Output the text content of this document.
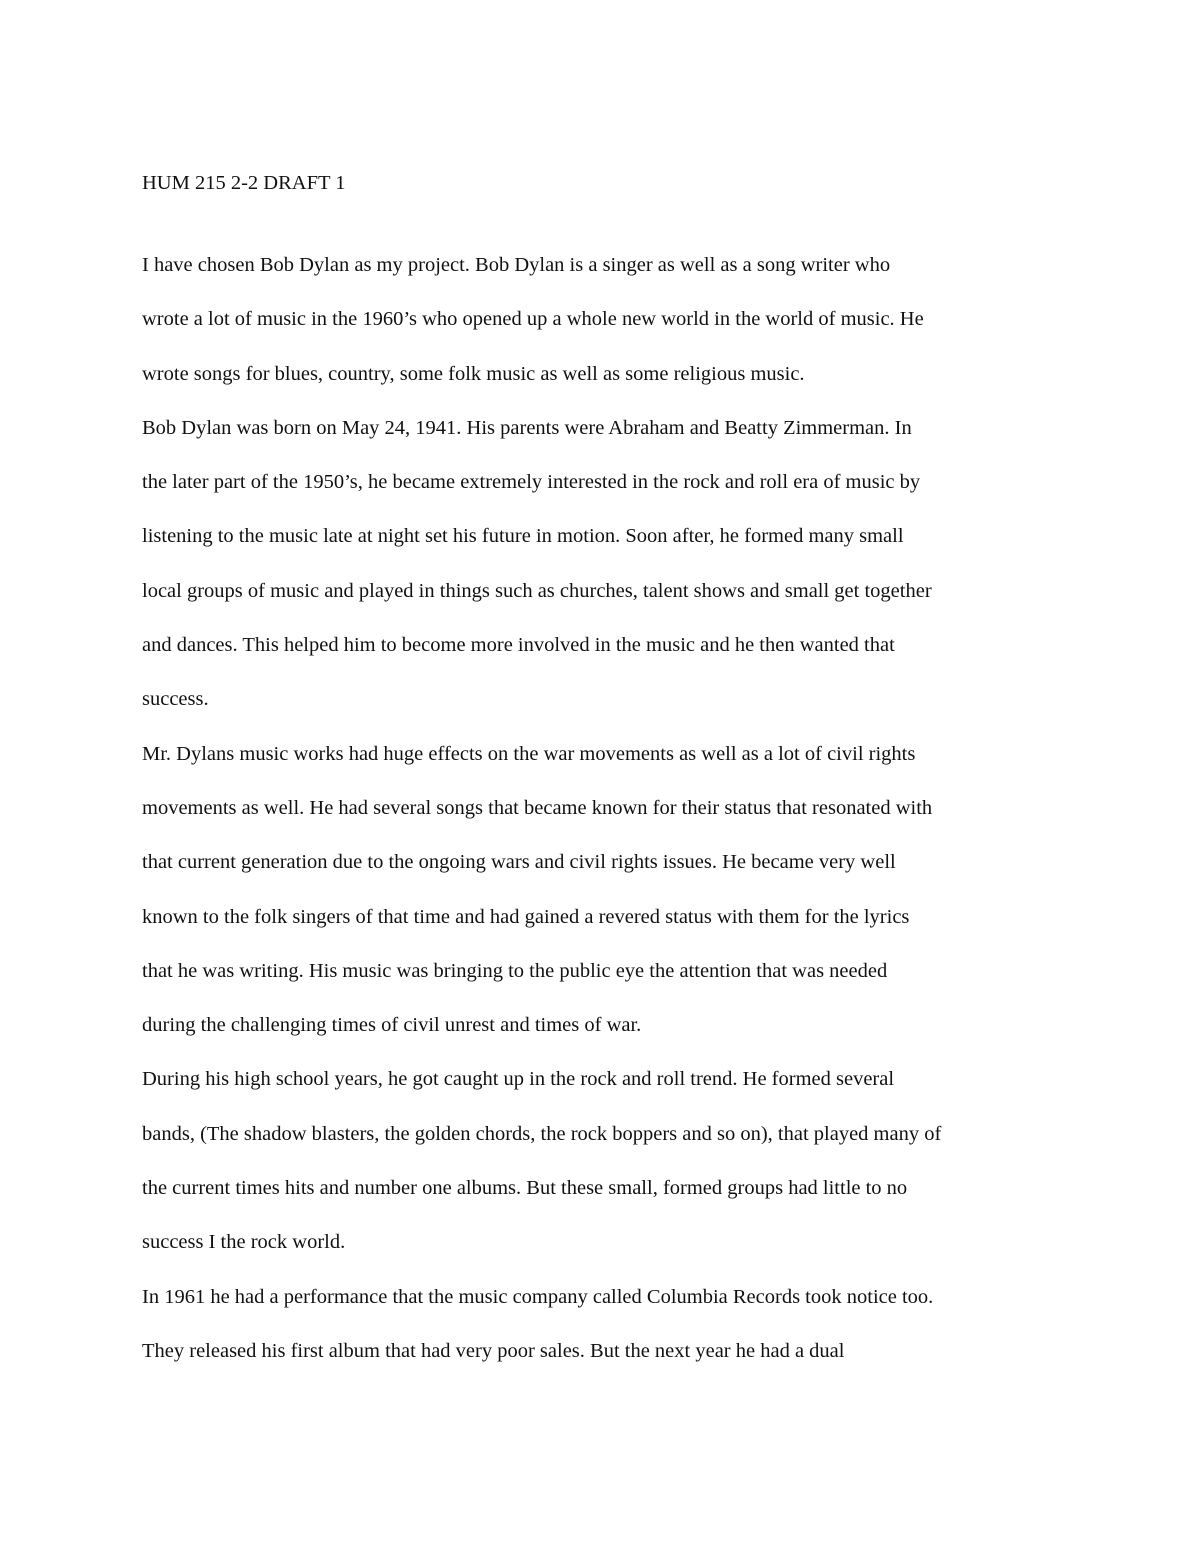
HUM 215 2-2 DRAFT 1
I have chosen Bob Dylan as my project. Bob Dylan is a singer as well as a song writer who
wrote a lot of music in the 1960’s who opened up a whole new world in the world of music. He
wrote songs for blues, country, some folk music as well as some religious music.
Bob Dylan was born on May 24, 1941. His parents were Abraham and Beatty Zimmerman. In
the later part of the 1950’s, he became extremely interested in the rock and roll era of music by
listening to the music late at night set his future in motion. Soon after, he formed many small
local groups of music and played in things such as churches, talent shows and small get together
and dances. This helped him to become more involved in the music and he then wanted that
success.
Mr. Dylans music works had huge effects on the war movements as well as a lot of civil rights
movements as well. He had several songs that became known for their status that resonated with
that current generation due to the ongoing wars and civil rights issues. He became very well
known to the folk singers of that time and had gained a revered status with them for the lyrics
that he was writing. His music was bringing to the public eye the attention that was needed
during the challenging times of civil unrest and times of war.
During his high school years, he got caught up in the rock and roll trend. He formed several
bands, (The shadow blasters, the golden chords, the rock boppers and so on), that played many of
the current times hits and number one albums. But these small, formed groups had little to no
success I the rock world.
In 1961 he had a performance that the music company called Columbia Records took notice too.
They released his first album that had very poor sales. But the next year he had a dual
